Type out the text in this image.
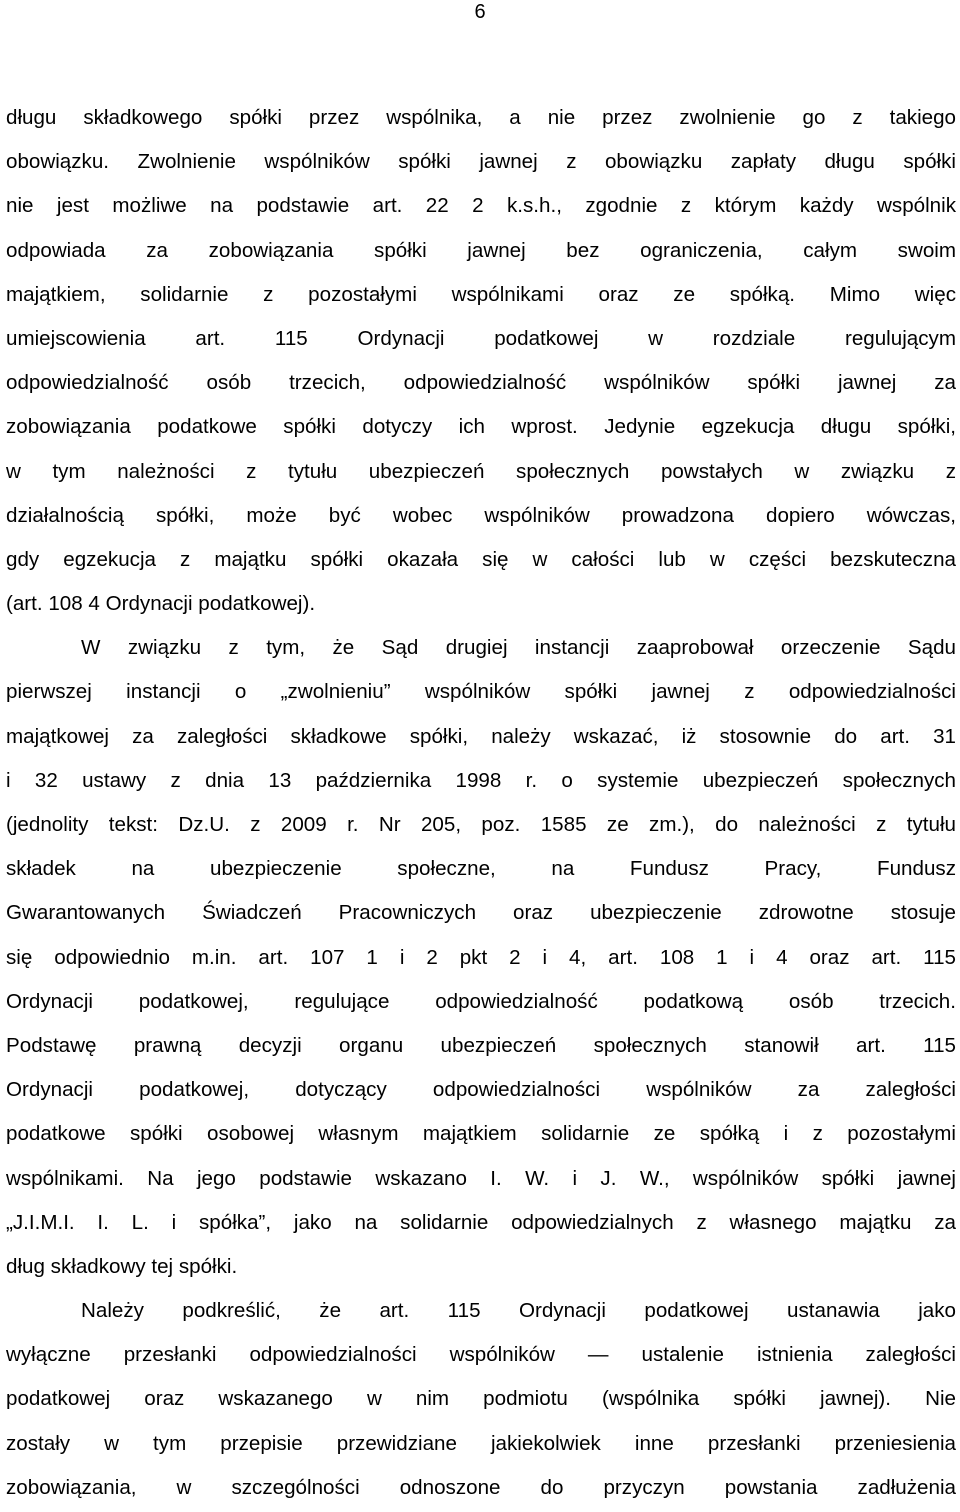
6
długu składkowego spółki przez wspólnika, a nie przez zwolnienie go z takiego
obowiązku. Zwolnienie wspólników spółki jawnej z obowiązku zapłaty długu spółki
nie jest możliwe na podstawie art. 22 2 k.s.h., zgodnie z którym każdy wspólnik
odpowiada za zobowiązania spółki jawnej bez ograniczenia, całym swoim
majątkiem, solidarnie z pozostałymi wspólnikami oraz ze spółką. Mimo więc
umiejscowienia art. 115 Ordynacji podatkowej w rozdziale regulującym
odpowiedzialność osób trzecich, odpowiedzialność wspólników spółki jawnej za
zobowiązania podatkowe spółki dotyczy ich wprost. Jedynie egzekucja długu spółki,
w tym należności z tytułu ubezpieczeń społecznych powstałych w związku z
działalnością spółki, może być wobec wspólników prowadzona dopiero wówczas,
gdy egzekucja z majątku spółki okazała się w całości lub w części bezskuteczna
(art. 108 4 Ordynacji podatkowej).
W związku z tym, że Sąd drugiej instancji zaaprobował orzeczenie Sądu
pierwszej instancji o „zwolnieniu” wspólników spółki jawnej z odpowiedzialności
majątkowej za zaległości składkowe spółki, należy wskazać, iż stosownie do art. 31
i 32 ustawy z dnia 13 października 1998 r. o systemie ubezpieczeń społecznych
(jednolity tekst: Dz.U. z 2009 r. Nr 205, poz. 1585 ze zm.), do należności z tytułu
składek na ubezpieczenie społeczne, na Fundusz Pracy, Fundusz
Gwarantowanych Świadczeń Pracowniczych oraz ubezpieczenie zdrowotne stosuje
się odpowiednio m.in. art. 107 1 i 2 pkt 2 i 4, art. 108 1 i 4 oraz art. 115
Ordynacji podatkowej, regulujące odpowiedzialność podatkową osób trzecich.
Podstawę prawną decyzji organu ubezpieczeń społecznych stanowił art. 115
Ordynacji podatkowej, dotyczący odpowiedzialności wspólników za zaległości
podatkowe spółki osobowej własnym majątkiem solidarnie ze spółką i z pozostałymi
wspólnikami. Na jego podstawie wskazano I. W. i J. W., wspólników spółki jawnej
„J.I.M.I. I. L. i spółka”, jako na solidarnie odpowiedzialnych z własnego majątku za
dług składkowy tej spółki.
Należy podkreślić, że art. 115 Ordynacji podatkowej ustanawia jako
wyłączne przesłanki odpowiedzialności wspólników — ustalenie istnienia zaległości
podatkowej oraz wskazanego w nim podmiotu (wspólnika spółki jawnej). Nie
zostały w tym przepisie przewidziane jakiekolwiek inne przesłanki przeniesienia
zobowiązania, w szczególności odnoszone do przyczyn powstania zadłużenia
